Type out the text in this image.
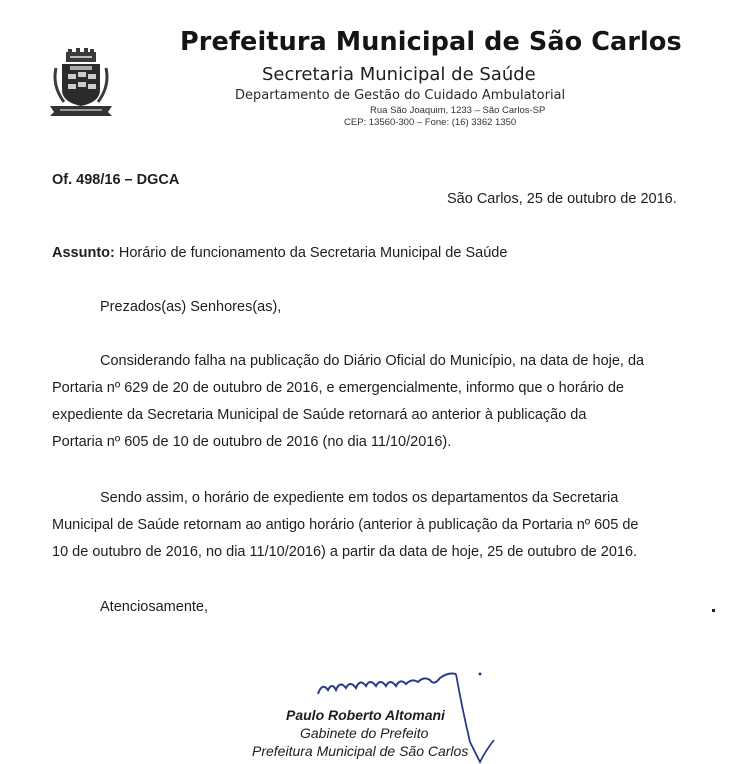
Prefeitura Municipal de São Carlos
Secretaria Municipal de Saúde
Departamento de Gestão do Cuidado Ambulatorial
Rua São Joaquim, 1233 – São Carlos-SP
CEP: 13560-300 – Fone: (16) 3362 1350
Of. 498/16 – DGCA
São Carlos, 25 de outubro de 2016.
Assunto: Horário de funcionamento da Secretaria Municipal de Saúde
Prezados(as) Senhores(as),
Considerando falha na publicação do Diário Oficial do Município, na data de hoje, da
Portaria nº 629 de 20 de outubro de 2016, e emergencialmente, informo que o horário de
expediente da Secretaria Municipal de Saúde retornará ao anterior à publicação da
Portaria nº 605 de 10 de outubro de 2016 (no dia 11/10/2016).
Sendo assim, o horário de expediente em todos os departamentos da Secretaria
Municipal de Saúde retornam ao antigo horário (anterior à publicação da Portaria nº 605 de
10 de outubro de 2016, no dia 11/10/2016) a partir da data de hoje, 25 de outubro de 2016.
Atenciosamente,
Paulo Roberto Altomani
Gabinete do Prefeito
Prefeitura Municipal de São Carlos
